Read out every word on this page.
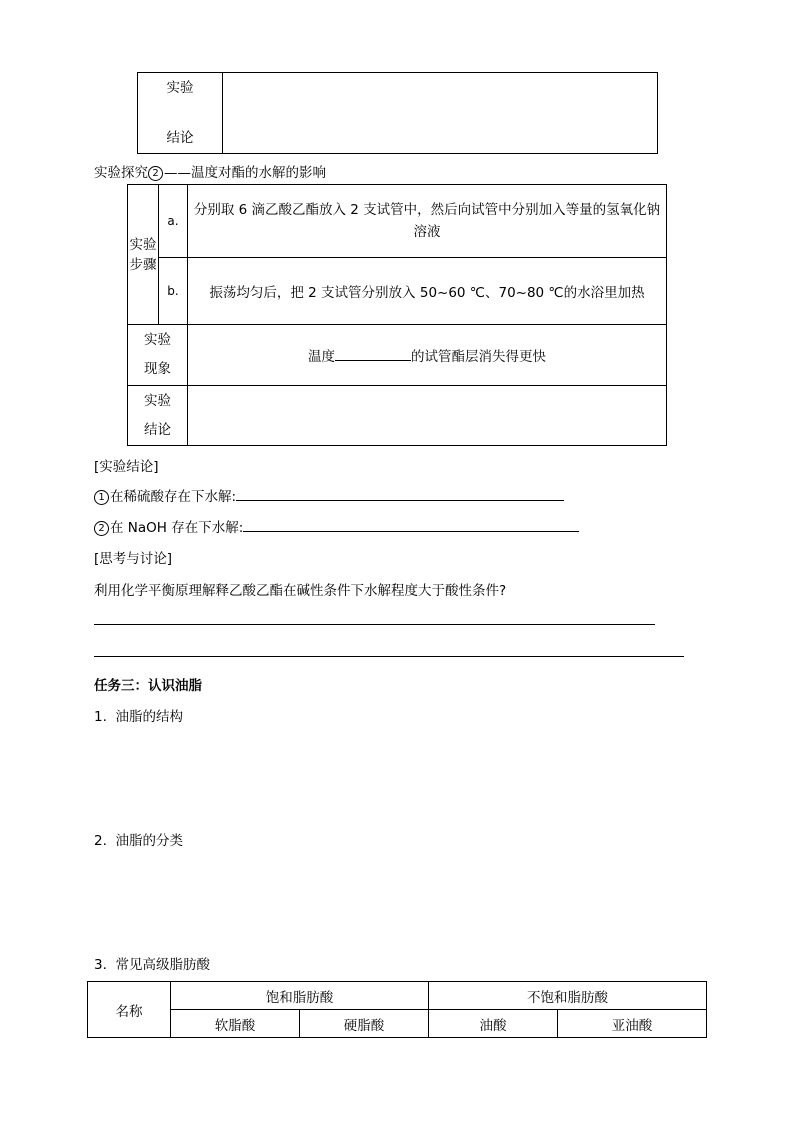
实验
结论

实验探究 2 ——温度对酯的水解的影响
实验
步骤	a.	分别取 6 滴乙酸乙酯放入 2 支试管中，然后向试管中分别加入等量的氢氧化钠溶液
	b.	振荡均匀后，把 2 支试管分别放入 50~60 ℃、70~80 ℃的水浴里加热

实验
现象		温度 的试管酯层消失得更快

实验
结论		

[实验结论]
1 在稀硫酸存在下水解:
2 在 NaOH 存在下水解:
[思考与讨论]
利用化学平衡原理解释乙酸乙酯在碱性条件下水解程度大于酸性条件?
任务三：认识油脂
1.  油脂的结构
2.  油脂的分类
3.  常见高级脂肪酸
名称	饱和脂肪酸		不饱和脂肪酸	
	软脂酸	硬脂酸	油酸	亚油酸
